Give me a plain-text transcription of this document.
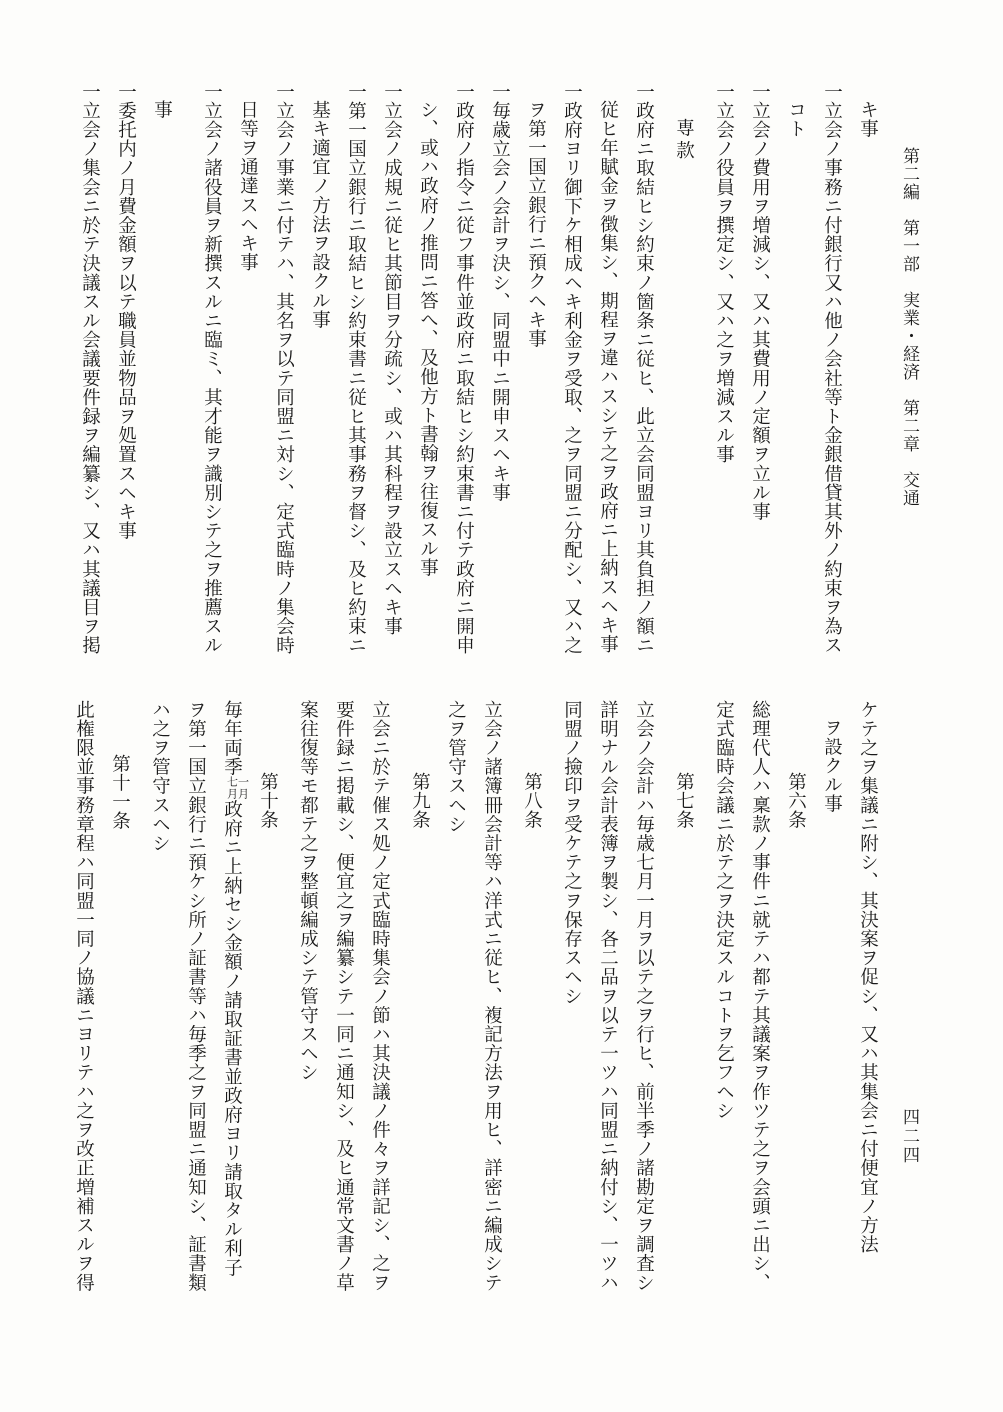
第二編　第一部　実業・経済　第二章　交通
四二四
キ事
一立会ノ事務ニ付銀行又ハ他ノ会社等ト金銀借貸其外ノ約束ヲ為ス
コト
一立会ノ費用ヲ増減シ、又ハ其費用ノ定額ヲ立ル事
一立会ノ役員ヲ撰定シ、又ハ之ヲ増減スル事
専款
一政府ニ取結ヒシ約束ノ箇条ニ従ヒ、此立会同盟ヨリ其負担ノ額ニ
従ヒ年賦金ヲ徴集シ、期程ヲ違ハスシテ之ヲ政府ニ上納スヘキ事
一政府ヨリ御下ケ相成ヘキ利金ヲ受取、之ヲ同盟ニ分配シ、又ハ之
ヲ第一国立銀行ニ預クヘキ事
一毎歳立会ノ会計ヲ決シ、同盟中ニ開申スヘキ事
一政府ノ指令ニ従フ事件並政府ニ取結ヒシ約束書ニ付テ政府ニ開申
シ、或ハ政府ノ推問ニ答へ、及他方ト書翰ヲ往復スル事
一立会ノ成規ニ従ヒ其節目ヲ分疏シ、或ハ其科程ヲ設立スヘキ事
一第一国立銀行ニ取結ヒシ約束書ニ従ヒ其事務ヲ督シ、及ヒ約束ニ
基キ適宜ノ方法ヲ設クル事
一立会ノ事業ニ付テハ、其名ヲ以テ同盟ニ対シ、定式臨時ノ集会時
日等ヲ通達スヘキ事
一立会ノ諸役員ヲ新撰スルニ臨ミ、其才能ヲ識別シテ之ヲ推薦スル
事
一委托内ノ月費金額ヲ以テ職員並物品ヲ処置スヘキ事
一立会ノ集会ニ於テ決議スル会議要件録ヲ編纂シ、又ハ其議目ヲ掲
ケテ之ヲ集議ニ附シ、其決案ヲ促シ、又ハ其集会ニ付便宜ノ方法
ヲ設クル事
第六条
総理代人ハ稟款ノ事件ニ就テハ都テ其議案ヲ作ツテ之ヲ会頭ニ出シ、
定式臨時会議ニ於テ之ヲ決定スルコトヲ乞フヘシ
第七条
立会ノ会計ハ毎歳七月一月ヲ以テ之ヲ行ヒ、前半季ノ諸勘定ヲ調査シ
詳明ナル会計表簿ヲ製シ、各二品ヲ以テ一ツハ同盟ニ納付シ、一ツハ
同盟ノ撿印ヲ受ケテ之ヲ保存スヘシ
第八条
立会ノ諸簿冊会計等ハ洋式ニ従ヒ、複記方法ヲ用ヒ、詳密ニ編成シテ
之ヲ管守スヘシ
第九条
立会ニ於テ催ス処ノ定式臨時集会ノ節ハ其決議ノ件々ヲ詳記シ、之ヲ
要件録ニ掲載シ、便宜之ヲ編纂シテ一同ニ通知シ、及ヒ通常文書ノ草
案往復等モ都テ之ヲ整頓編成シテ管守スヘシ
第十条
毎年両季一月
七月政府ニ上納セシ金額ノ請取証書並政府ヨリ請取タル利子
ヲ第一国立銀行ニ預ケシ所ノ証書等ハ毎季之ヲ同盟ニ通知シ、証書類
ハ之ヲ管守スヘシ
第十一条
此権限並事務章程ハ同盟一同ノ協議ニヨリテハ之ヲ改正増補スルヲ得
